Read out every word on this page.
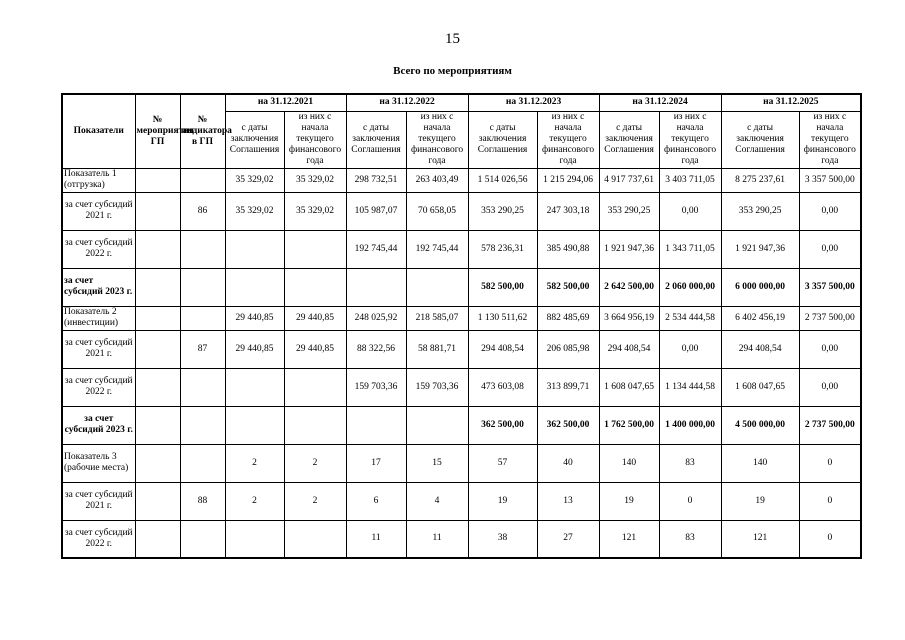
15
Всего по мероприятиям
Показатели	№ мероприятия ГП	№ индикатора в ГП	на 31.12.2021		на 31.12.2022		на 31.12.2023		на 31.12.2024		на 31.12.2025	
			с даты заключения Соглашения	из них с начала текущего финансового года	с даты заключения Соглашения	из них с начала текущего финансового года	с даты заключения Соглашения	из них с начала текущего финансового года	с даты заключения Соглашения	из них с начала текущего финансового года	с даты заключения Соглашения	из них с начала текущего финансового года
Показатель 1 (отгрузка)			35 329,02	35 329,02	298 732,51	263 403,49	1 514 026,56	1 215 294,06	4 917 737,61	3 403 711,05	8 275 237,61	3 357 500,00
за счет субсидий 2021 г.		86	35 329,02	35 329,02	105 987,07	70 658,05	353 290,25	247 303,18	353 290,25	0,00	353 290,25	0,00
за счет субсидий 2022 г.					192 745,44	192 745,44	578 236,31	385 490,88	1 921 947,36	1 343 711,05	1 921 947,36	0,00
за счет субсидий 2023 г.							582 500,00	582 500,00	2 642 500,00	2 060 000,00	6 000 000,00	3 357 500,00
Показатель 2 (инвестиции)			29 440,85	29 440,85	248 025,92	218 585,07	1 130 511,62	882 485,69	3 664 956,19	2 534 444,58	6 402 456,19	2 737 500,00
за счет субсидий 2021 г.		87	29 440,85	29 440,85	88 322,56	58 881,71	294 408,54	206 085,98	294 408,54	0,00	294 408,54	0,00
за счет субсидий 2022 г.					159 703,36	159 703,36	473 603,08	313 899,71	1 608 047,65	1 134 444,58	1 608 047,65	0,00
за счет субсидий 2023 г.							362 500,00	362 500,00	1 762 500,00	1 400 000,00	4 500 000,00	2 737 500,00
Показатель 3 (рабочие места)			2	2	17	15	57	40	140	83	140	0
за счет субсидий 2021 г.		88	2	2	6	4	19	13	19	0	19	0
за счет субсидий 2022 г.					11	11	38	27	121	83	121	0
